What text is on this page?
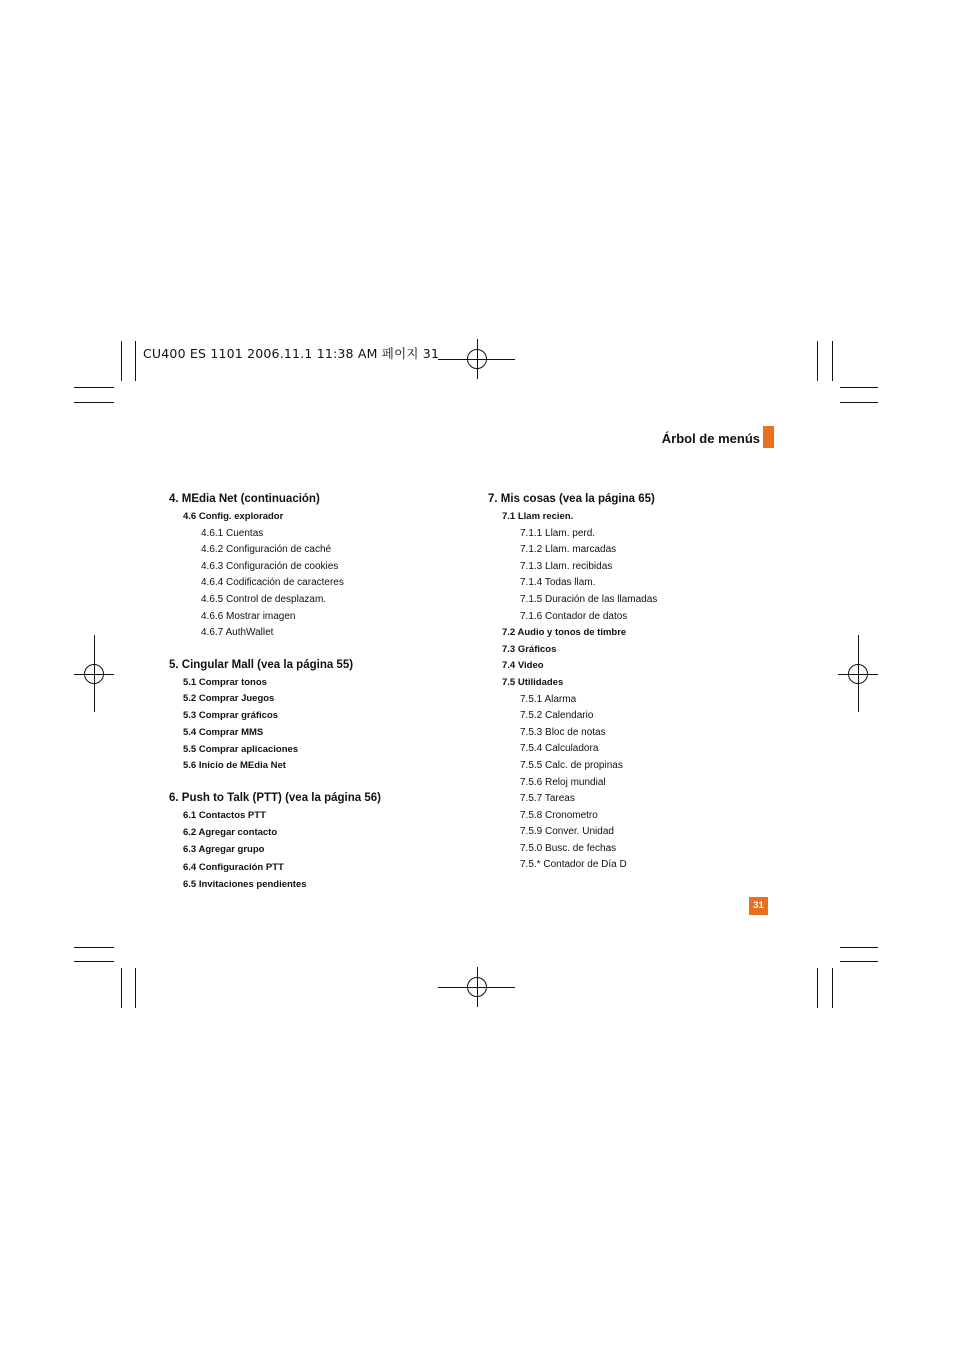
CU400 ES 1101 2006.11.1 11:38 AM 페이지 31
Árbol de menús
4. MEdia Net (continuación)
4.6 Config. explorador
4.6.1 Cuentas
4.6.2 Configuración de caché
4.6.3 Configuración de cookies
4.6.4 Codificación de caracteres
4.6.5 Control de desplazam.
4.6.6 Mostrar imagen
4.6.7 AuthWallet
5. Cingular Mall (vea la página 55)
5.1 Comprar tonos
5.2 Comprar Juegos
5.3 Comprar gráficos
5.4 Comprar MMS
5.5 Comprar aplicaciones
5.6 Inicio de MEdia Net
6. Push to Talk (PTT) (vea la página 56)
6.1 Contactos PTT
6.2 Agregar contacto
6.3 Agregar grupo
6.4 Configuración PTT
6.5 Invitaciones pendientes
7. Mis cosas (vea la página 65)
7.1 Llam recien.
7.1.1 Llam. perd.
7.1.2 Llam. marcadas
7.1.3 Llam. recibidas
7.1.4 Todas llam.
7.1.5 Duración de las llamadas
7.1.6 Contador de datos
7.2 Audio y tonos de timbre
7.3 Gráficos
7.4 Video
7.5 Utilidades
7.5.1 Alarma
7.5.2 Calendario
7.5.3 Bloc de notas
7.5.4 Calculadora
7.5.5 Calc. de propinas
7.5.6 Reloj mundial
7.5.7 Tareas
7.5.8 Cronometro
7.5.9 Conver. Unidad
7.5.0 Busc. de fechas
7.5.* Contador de Día D
31
